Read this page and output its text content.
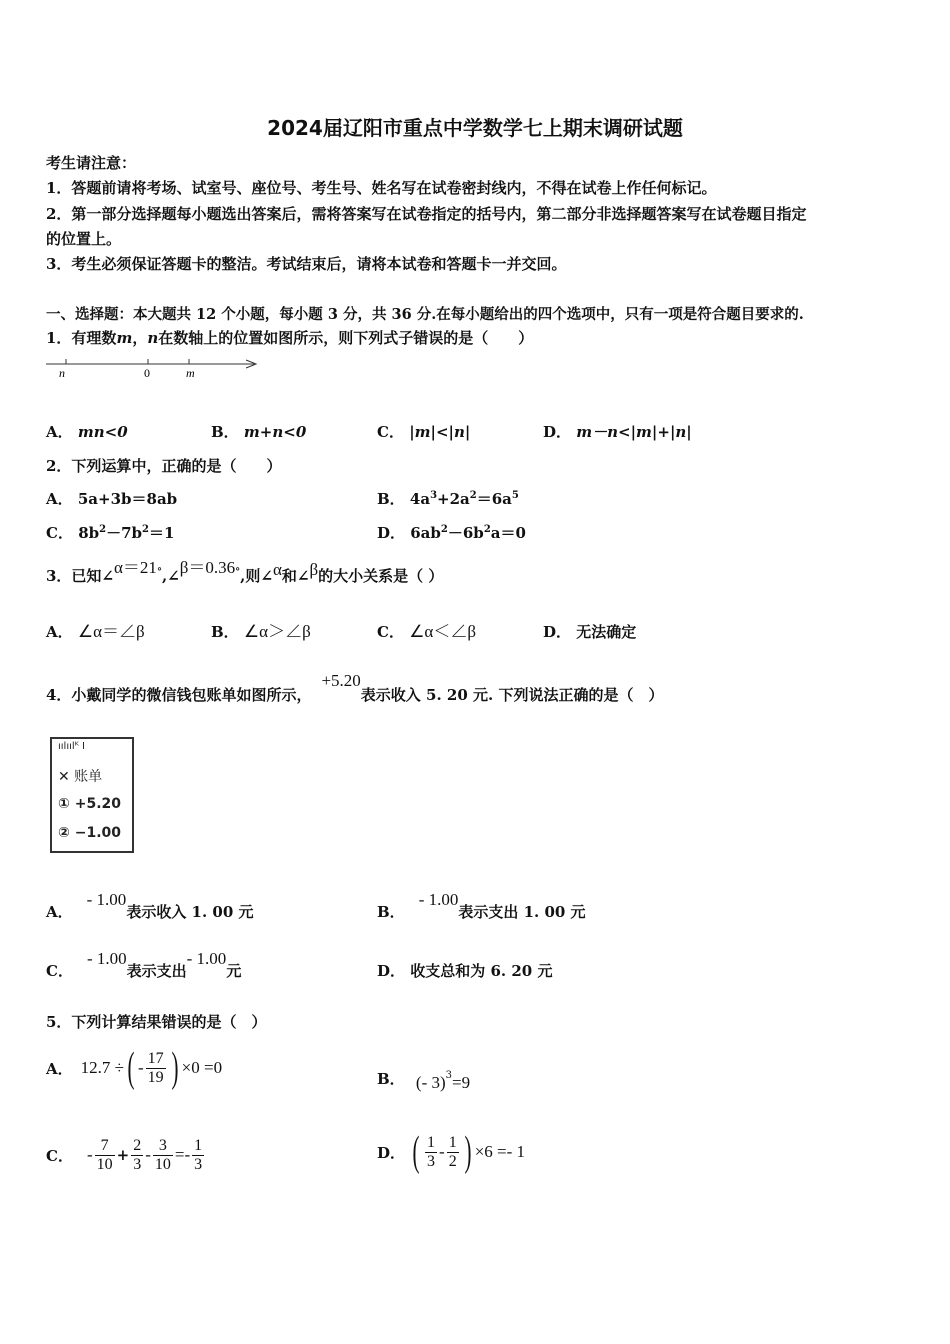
2024届辽阳市重点中学数学七上期末调研试题
考生请注意：
1．答题前请将考场、试室号、座位号、考生号、姓名写在试卷密封线内，不得在试卷上作任何标记。
2．第一部分选择题每小题选出答案后，需将答案写在试卷指定的括号内，第二部分非选择题答案写在试卷题目指定
的位置上。
3．考生必须保证答题卡的整洁。考试结束后，请将本试卷和答题卡一并交回。
一、选择题：本大题共 12 个小题，每小题 3 分，共 36 分.在每小题给出的四个选项中，只有一项是符合题目要求的.
1．有理数m，n在数轴上的位置如图所示，则下列式子错误的是（　　）
n	0	m
A． mn<0	B． m+n<0	C． |m|<|n|	D． m－n<|m|+|n|
2．下列运算中，正确的是（　　）
A． 5a+3b＝8ab	B． $4a^3+2a^2=6a^5$
C． $8b^2-7b^2=1$	D． $6ab^2-6b^2a=0$
3．已知∠α＝21°,∠β＝0.36°,则∠α和∠β的大小关系是（ ）
A． ∠α＝∠β	B． ∠α＞∠β	C． ∠α＜∠β	D． 无法确定
4．小戴同学的微信钱包账单如图所示，+5.20表示收入 5. 20 元. 下列说法正确的是（　）
ıılıılᴷ I
✕ 账单
① +5.20
② −1.00
A．- 1.00表示收入 1. 00 元	B．- 1.00表示支出 1. 00 元
C．- 1.00表示支出- 1.00元	D． 收支总和为 6. 20 元
5．下列计算结果错误的是（　）
A． 12.7 ÷ ( - $\frac{17}{19}$ ) ×0 =0
B． (- 3)$^3$=9
C． - $\frac{7}{10} + \frac{2}{3} - \frac{3}{10} =- \frac{1}{3}$	D． ( $\frac{1}{3} - \frac{1}{2}$ ) ×6 =- 1
